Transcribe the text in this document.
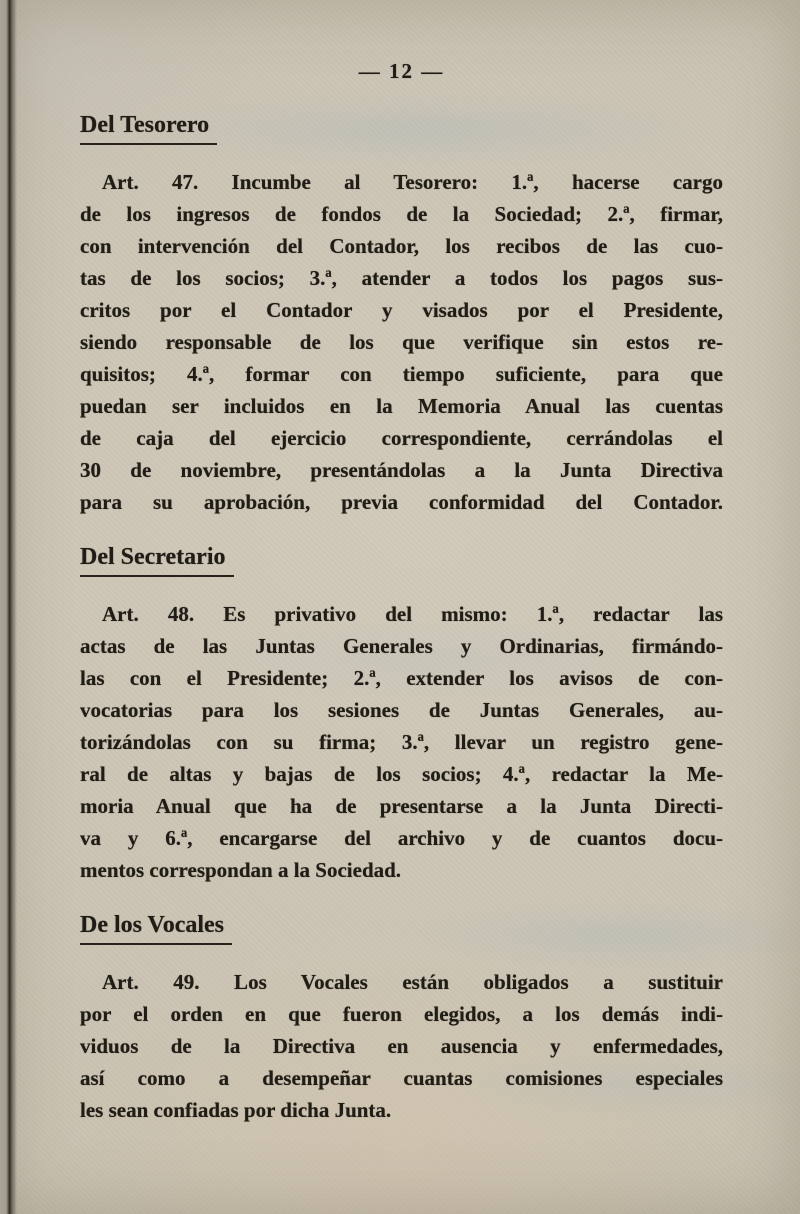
— 12 —
Del Tesorero
Art. 47. Incumbe al Tesorero: 1.ª, hacerse cargo
de los ingresos de fondos de la Sociedad; 2.ª, firmar,
con intervención del Contador, los recibos de las cuo-
tas de los socios; 3.ª, atender a todos los pagos sus-
critos por el Contador y visados por el Presidente,
siendo responsable de los que verifique sin estos re-
quisitos; 4.ª, formar con tiempo suficiente, para que
puedan ser incluidos en la Memoria Anual las cuentas
de caja del ejercicio correspondiente, cerrándolas el
30 de noviembre, presentándolas a la Junta Directiva
para su aprobación, previa conformidad del Contador.
Del Secretario
Art. 48. Es privativo del mismo: 1.ª, redactar las
actas de las Juntas Generales y Ordinarias, firmándo-
las con el Presidente; 2.ª, extender los avisos de con-
vocatorias para los sesiones de Juntas Generales, au-
torizándolas con su firma; 3.ª, llevar un registro gene-
ral de altas y bajas de los socios; 4.ª, redactar la Me-
moria Anual que ha de presentarse a la Junta Directi-
va y 6.ª, encargarse del archivo y de cuantos docu-
mentos correspondan a la Sociedad.
De los Vocales
Art. 49. Los Vocales están obligados a sustituir
por el orden en que fueron elegidos, a los demás indi-
viduos de la Directiva en ausencia y enfermedades,
así como a desempeñar cuantas comisiones especiales
les sean confiadas por dicha Junta.
